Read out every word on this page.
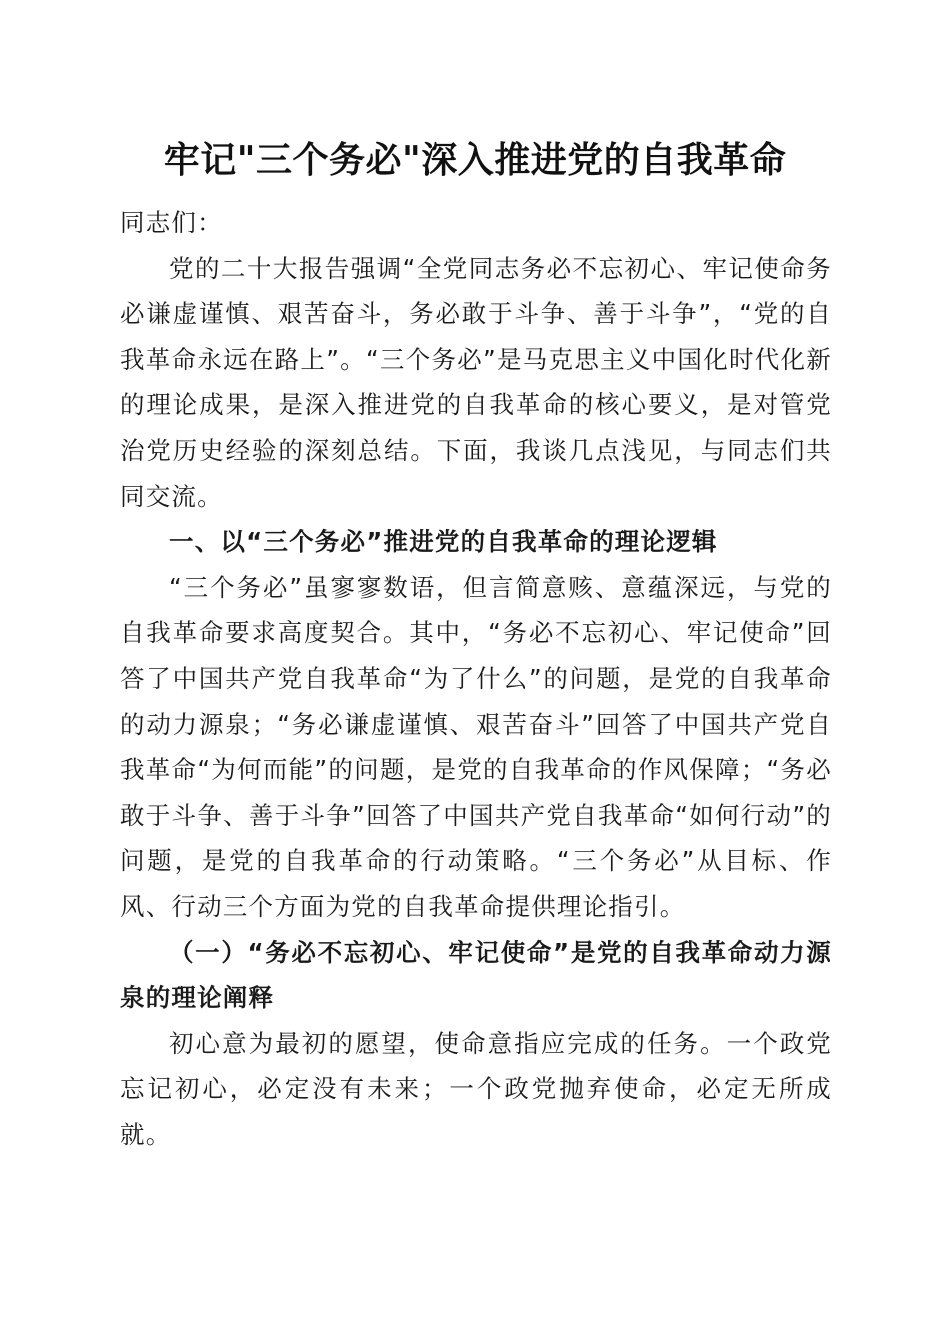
牢记"三个务必"深入推进党的自我革命

同志们：

党的二十大报告强调“全党同志务必不忘初心、牢记使命务必谦虚谨慎、艰苦奋斗，务必敢于斗争、善于斗争”，“党的自我革命永远在路上”。“三个务必”是马克思主义中国化时代化新的理论成果，是深入推进党的自我革命的核心要义，是对管党治党历史经验的深刻总结。下面，我谈几点浅见，与同志们共同交流。

一、以“三个务必”推进党的自我革命的理论逻辑

“三个务必”虽寥寥数语，但言简意赅、意蕴深远，与党的自我革命要求高度契合。其中，“务必不忘初心、牢记使命”回答了中国共产党自我革命“为了什么”的问题，是党的自我革命的动力源泉；“务必谦虚谨慎、艰苦奋斗”回答了中国共产党自我革命“为何而能”的问题，是党的自我革命的作风保障；“务必敢于斗争、善于斗争”回答了中国共产党自我革命“如何行动”的问题，是党的自我革命的行动策略。“三个务必”从目标、作风、行动三个方面为党的自我革命提供理论指引。

（一）“务必不忘初心、牢记使命”是党的自我革命动力源泉的理论阐释

初心意为最初的愿望，使命意指应完成的任务。一个政党忘记初心，必定没有未来；一个政党抛弃使命，必定无所成就。
